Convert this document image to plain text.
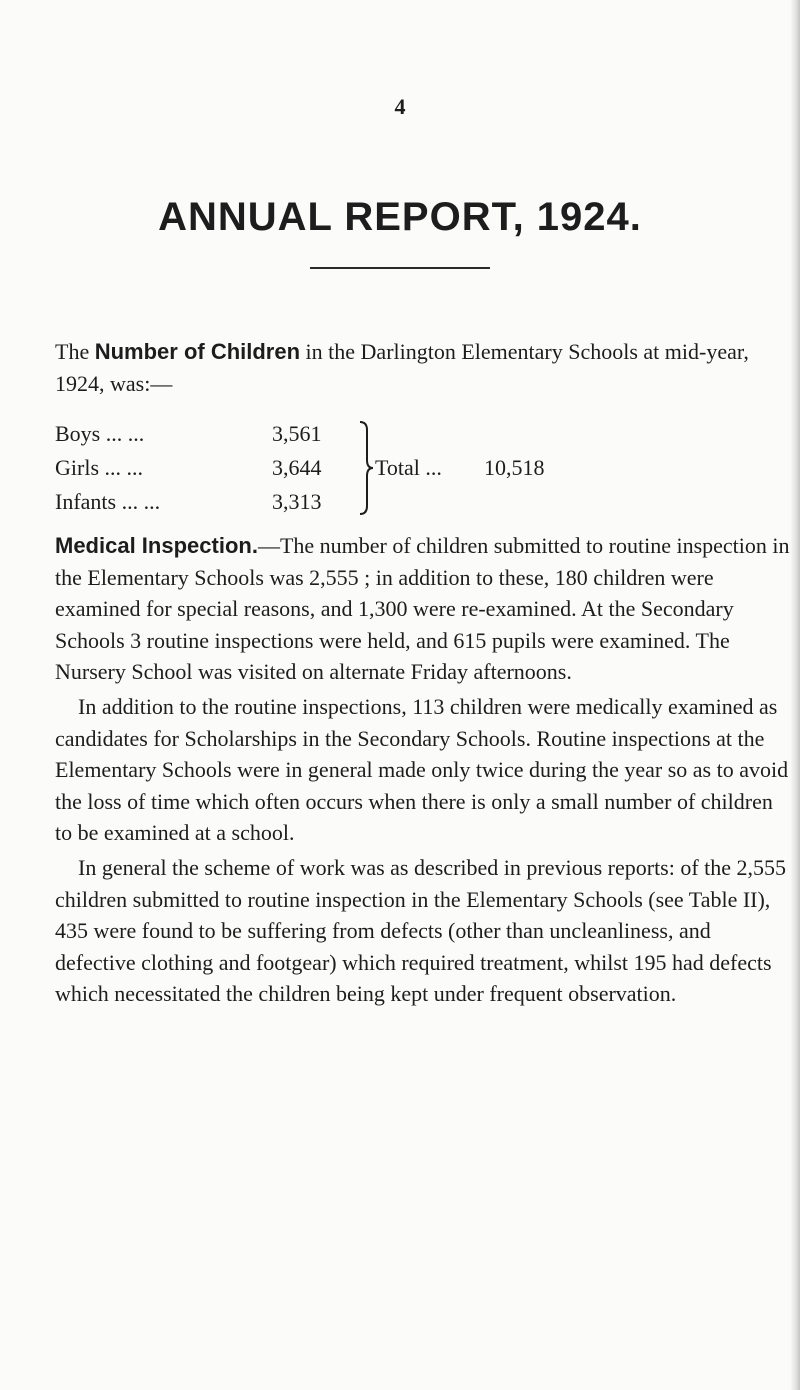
4
ANNUAL REPORT, 1924.

The Number of Children in the Darlington Elementary Schools at mid-year, 1924, was:—

Boys ... ...	3,561
Girls ... ...	3,644
Infants ... ...	3,313
Total ... 10,518

Medical Inspection.—The number of children submitted to routine inspection in the Elementary Schools was 2,555 ; in addition to these, 180 children were examined for special reasons, and 1,300 were re-examined. At the Secondary Schools 3 routine inspections were held, and 615 pupils were examined. The Nursery School was visited on alternate Friday afternoons.

In addition to the routine inspections, 113 children were medically examined as candidates for Scholarships in the Secondary Schools. Routine inspections at the Elementary Schools were in general made only twice during the year so as to avoid the loss of time which often occurs when there is only a small number of children to be examined at a school.

In general the scheme of work was as described in previous reports: of the 2,555 children submitted to routine inspection in the Elementary Schools (see Table II), 435 were found to be suffering from defects (other than uncleanliness, and defective clothing and footgear) which required treatment, whilst 195 had defects which necessitated the children being kept under frequent observation.
